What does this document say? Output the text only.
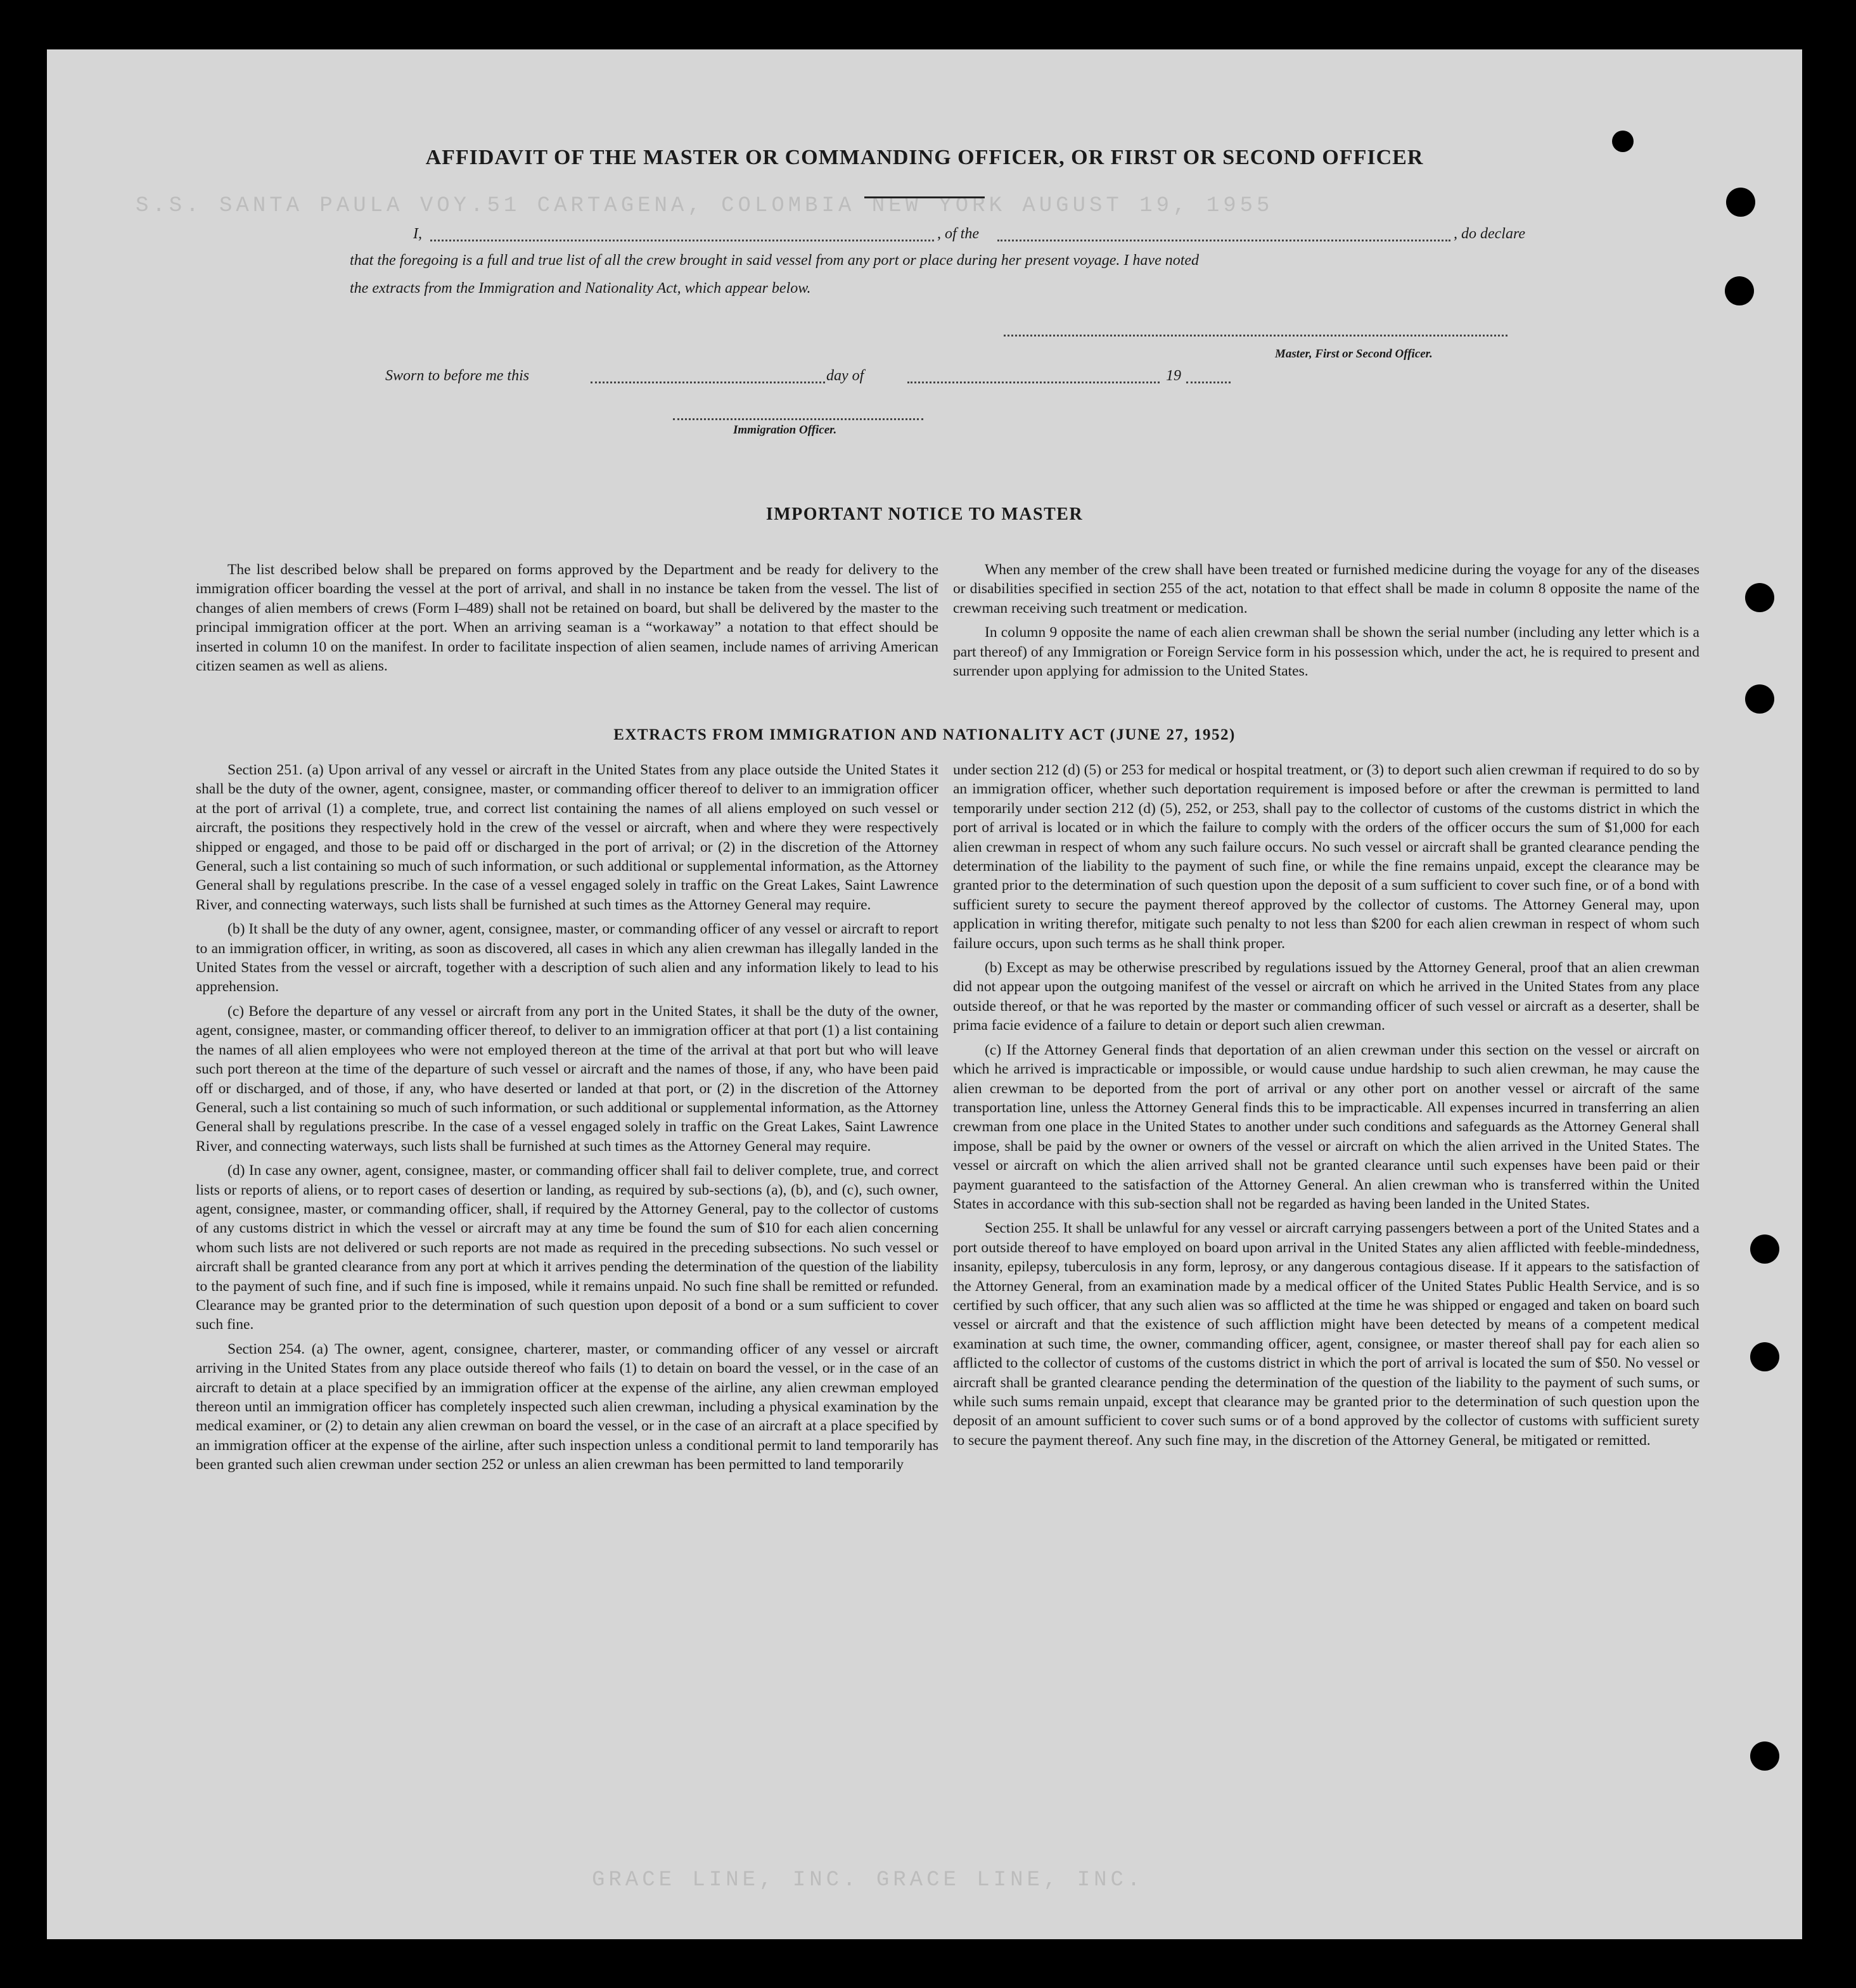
S.S. SANTA PAULA VOY.51 CARTAGENA, COLOMBIA NEW YORK AUGUST 19, 1955
GRACE LINE, INC. GRACE LINE, INC.
AFFIDAVIT OF THE MASTER OR COMMANDING OFFICER, OR FIRST OR SECOND OFFICER
I,	, of the	, do declare
that the foregoing is a full and true list of all the crew brought in said vessel from any port or place during her present voyage. I have noted
the extracts from the Immigration and Nationality Act, which appear below.
Master, First or Second Officer.
Sworn to before me this	day of	19
Immigration Officer.
IMPORTANT NOTICE TO MASTER

The list described below shall be prepared on forms approved by the Department and be ready for delivery to the immigration officer boarding the vessel at the port of arrival, and shall in no instance be taken from the vessel. The list of changes of alien members of crews (Form I–489) shall not be retained on board, but shall be delivered by the master to the principal immigration officer at the port. When an arriving seaman is a “workaway” a notation to that effect should be inserted in column 10 on the manifest. In order to facilitate inspection of alien seamen, include names of arriving American citizen seamen as well as aliens.

When any member of the crew shall have been treated or furnished medicine during the voyage for any of the diseases or disabilities specified in section 255 of the act, notation to that effect shall be made in column 8 opposite the name of the crewman receiving such treatment or medication.

In column 9 opposite the name of each alien crewman shall be shown the serial number (including any letter which is a part thereof) of any Immigration or Foreign Service form in his possession which, under the act, he is required to present and surrender upon applying for admission to the United States.

EXTRACTS FROM IMMIGRATION AND NATIONALITY ACT (JUNE 27, 1952)

Section 251. (a) Upon arrival of any vessel or aircraft in the United States from any place outside the United States it shall be the duty of the owner, agent, consignee, master, or commanding officer thereof to deliver to an immigration officer at the port of arrival (1) a complete, true, and correct list containing the names of all aliens employed on such vessel or aircraft, the positions they respectively hold in the crew of the vessel or aircraft, when and where they were respectively shipped or engaged, and those to be paid off or discharged in the port of arrival; or (2) in the discretion of the Attorney General, such a list containing so much of such information, or such additional or supplemental information, as the Attorney General shall by regulations prescribe. In the case of a vessel engaged solely in traffic on the Great Lakes, Saint Lawrence River, and connecting waterways, such lists shall be furnished at such times as the Attorney General may require.

(b) It shall be the duty of any owner, agent, consignee, master, or commanding officer of any vessel or aircraft to report to an immigration officer, in writing, as soon as discovered, all cases in which any alien crewman has illegally landed in the United States from the vessel or aircraft, together with a description of such alien and any information likely to lead to his apprehension.

(c) Before the departure of any vessel or aircraft from any port in the United States, it shall be the duty of the owner, agent, consignee, master, or commanding officer thereof, to deliver to an immigration officer at that port (1) a list containing the names of all alien employees who were not employed thereon at the time of the arrival at that port but who will leave such port thereon at the time of the departure of such vessel or aircraft and the names of those, if any, who have been paid off or discharged, and of those, if any, who have deserted or landed at that port, or (2) in the discretion of the Attorney General, such a list containing so much of such information, or such additional or supplemental information, as the Attorney General shall by regulations prescribe. In the case of a vessel engaged solely in traffic on the Great Lakes, Saint Lawrence River, and connecting waterways, such lists shall be furnished at such times as the Attorney General may require.

(d) In case any owner, agent, consignee, master, or commanding officer shall fail to deliver complete, true, and correct lists or reports of aliens, or to report cases of desertion or landing, as required by sub-sections (a), (b), and (c), such owner, agent, consignee, master, or commanding officer, shall, if required by the Attorney General, pay to the collector of customs of any customs district in which the vessel or aircraft may at any time be found the sum of $10 for each alien concerning whom such lists are not delivered or such reports are not made as required in the preceding subsections. No such vessel or aircraft shall be granted clearance from any port at which it arrives pending the determination of the question of the liability to the payment of such fine, and if such fine is imposed, while it remains unpaid. No such fine shall be remitted or refunded. Clearance may be granted prior to the determination of such question upon deposit of a bond or a sum sufficient to cover such fine.

Section 254. (a) The owner, agent, consignee, charterer, master, or commanding officer of any vessel or aircraft arriving in the United States from any place outside thereof who fails (1) to detain on board the vessel, or in the case of an aircraft to detain at a place specified by an immigration officer at the expense of the airline, any alien crewman employed thereon until an immigration officer has completely inspected such alien crewman, including a physical examination by the medical examiner, or (2) to detain any alien crewman on board the vessel, or in the case of an aircraft at a place specified by an immigration officer at the expense of the airline, after such inspection unless a conditional permit to land temporarily has been granted such alien crewman under section 252 or unless an alien crewman has been permitted to land temporarily

under section 212 (d) (5) or 253 for medical or hospital treatment, or (3) to deport such alien crewman if required to do so by an immigration officer, whether such deportation requirement is imposed before or after the crewman is permitted to land temporarily under section 212 (d) (5), 252, or 253, shall pay to the collector of customs of the customs district in which the port of arrival is located or in which the failure to comply with the orders of the officer occurs the sum of $1,000 for each alien crewman in respect of whom any such failure occurs. No such vessel or aircraft shall be granted clearance pending the determination of the liability to the payment of such fine, or while the fine remains unpaid, except the clearance may be granted prior to the determination of such question upon the deposit of a sum sufficient to cover such fine, or of a bond with sufficient surety to secure the payment thereof approved by the collector of customs. The Attorney General may, upon application in writing therefor, mitigate such penalty to not less than $200 for each alien crewman in respect of whom such failure occurs, upon such terms as he shall think proper.

(b) Except as may be otherwise prescribed by regulations issued by the Attorney General, proof that an alien crewman did not appear upon the outgoing manifest of the vessel or aircraft on which he arrived in the United States from any place outside thereof, or that he was reported by the master or commanding officer of such vessel or aircraft as a deserter, shall be prima facie evidence of a failure to detain or deport such alien crewman.

(c) If the Attorney General finds that deportation of an alien crewman under this section on the vessel or aircraft on which he arrived is impracticable or impossible, or would cause undue hardship to such alien crewman, he may cause the alien crewman to be deported from the port of arrival or any other port on another vessel or aircraft of the same transportation line, unless the Attorney General finds this to be impracticable. All expenses incurred in transferring an alien crewman from one place in the United States to another under such conditions and safeguards as the Attorney General shall impose, shall be paid by the owner or owners of the vessel or aircraft on which the alien arrived in the United States. The vessel or aircraft on which the alien arrived shall not be granted clearance until such expenses have been paid or their payment guaranteed to the satisfaction of the Attorney General. An alien crewman who is transferred within the United States in accordance with this sub-section shall not be regarded as having been landed in the United States.

Section 255. It shall be unlawful for any vessel or aircraft carrying passengers between a port of the United States and a port outside thereof to have employed on board upon arrival in the United States any alien afflicted with feeble-mindedness, insanity, epilepsy, tuberculosis in any form, leprosy, or any dangerous contagious disease. If it appears to the satisfaction of the Attorney General, from an examination made by a medical officer of the United States Public Health Service, and is so certified by such officer, that any such alien was so afflicted at the time he was shipped or engaged and taken on board such vessel or aircraft and that the existence of such affliction might have been detected by means of a competent medical examination at such time, the owner, commanding officer, agent, consignee, or master thereof shall pay for each alien so afflicted to the collector of customs of the customs district in which the port of arrival is located the sum of $50. No vessel or aircraft shall be granted clearance pending the determination of the question of the liability to the payment of such sums, or while such sums remain unpaid, except that clearance may be granted prior to the determination of such question upon the deposit of an amount sufficient to cover such sums or of a bond approved by the collector of customs with sufficient surety to secure the payment thereof. Any such fine may, in the discretion of the Attorney General, be mitigated or remitted.
